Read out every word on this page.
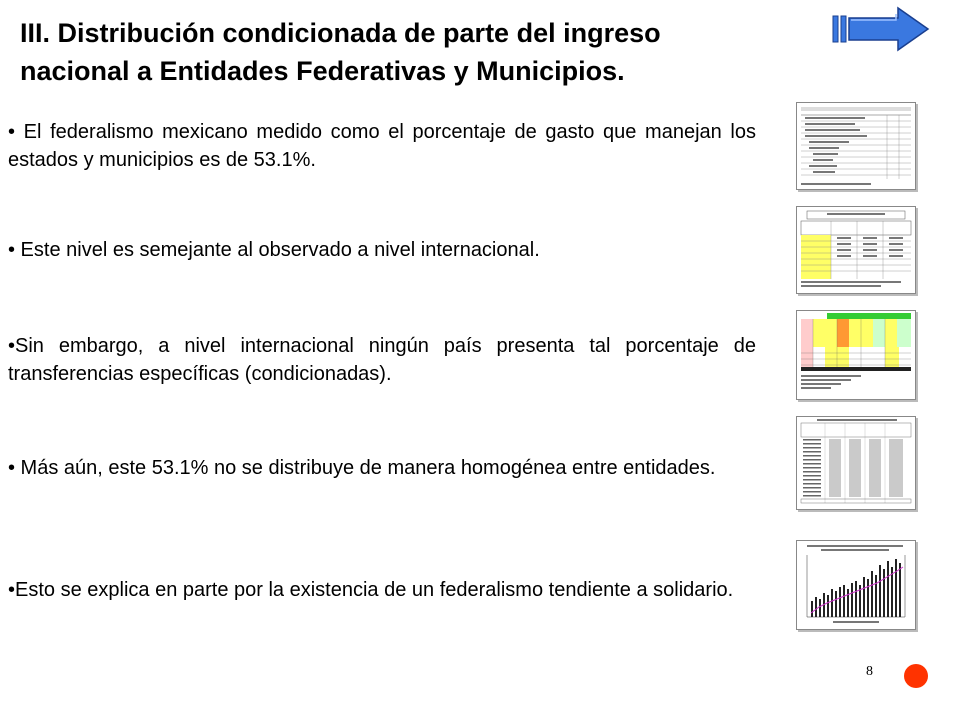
III. Distribución condicionada de parte del ingreso
nacional a Entidades Federativas y Municipios.
• El federalismo mexicano medido como el porcentaje de gasto que manejan los estados y municipios es de 53.1%.
• Este nivel es semejante al observado a nivel internacional.
•Sin embargo, a nivel internacional ningún país presenta tal porcentaje de transferencias específicas (condicionadas).
• Más aún, este 53.1% no se distribuye de manera homogénea entre entidades.
•Esto se explica en parte por la existencia de un federalismo tendiente a solidario.
8
